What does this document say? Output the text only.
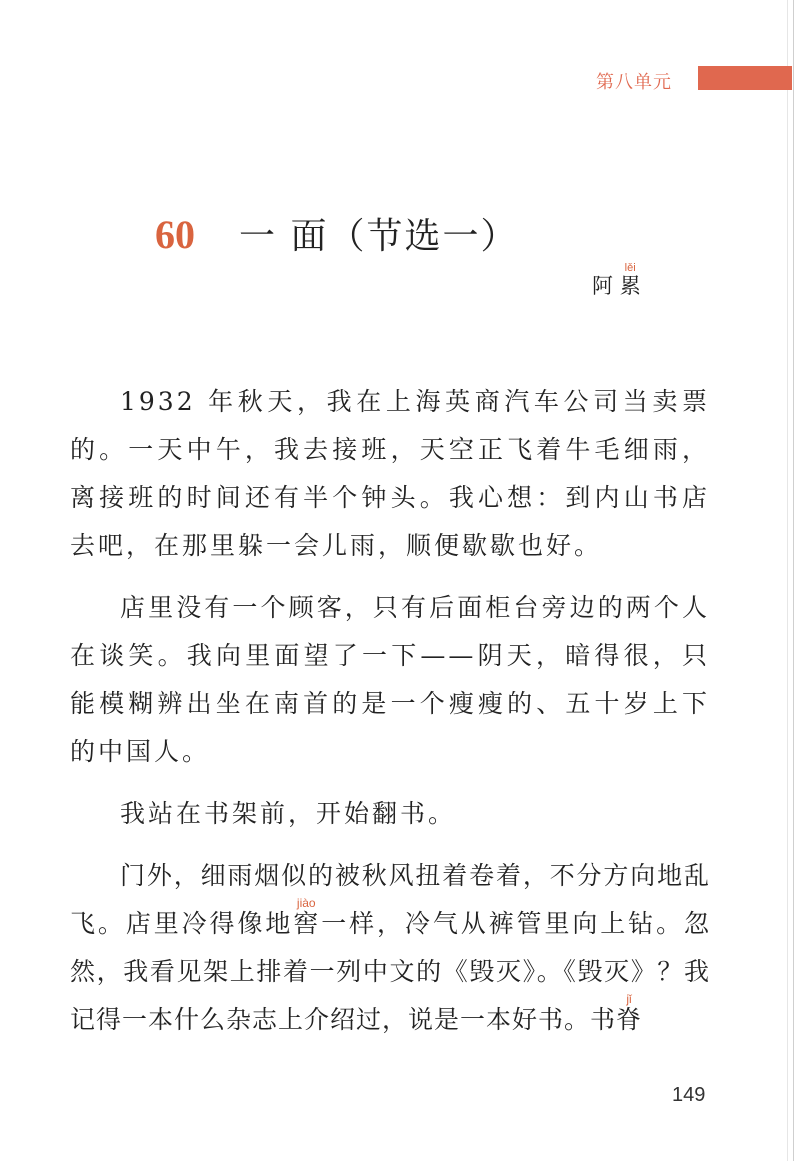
第八单元
60 一 面（节选一）
阿 累lěi

1932 年秋天，我在上海英商汽车公司当卖票的。一天中午，我去接班，天空正飞着牛毛细雨，离接班的时间还有半个钟头。我心想：到内山书店去吧，在那里躲一会儿雨，顺便歇歇也好。

店里没有一个顾客，只有后面柜台旁边的两个人在谈笑。我向里面望了一下——阴天，暗得很，只能模糊辨出坐在南首的是一个瘦瘦的、五十岁上下的中国人。

我站在书架前，开始翻书。

门外，细雨烟似的被秋风扭着卷着，不分方向地乱飞。店里冷得像地窖jiào一样，冷气从裤管里向上钻。忽然，我看见架上排着一列中文的《毁灭》。《毁灭》？我记得一本什么杂志上介绍过，说是一本好书。书脊jǐ

149
